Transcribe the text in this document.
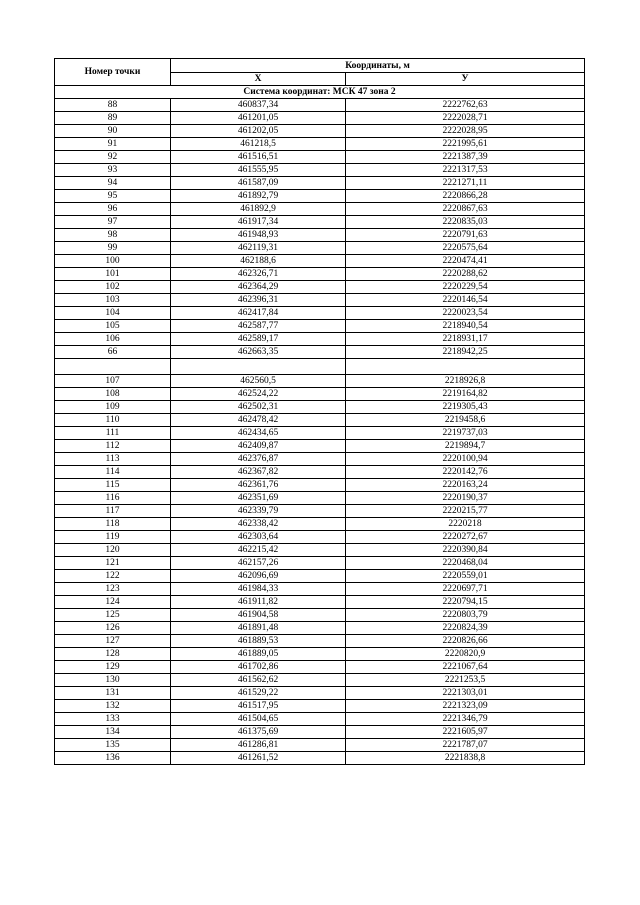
Номер точки	Координаты, м	
	Х	У
Система координат: МСК 47 зона 2		
88	460837,34	2222762,63
89	461201,05	2222028,71
90	461202,05	2222028,95
91	461218,5	2221995,61
92	461516,51	2221387,39
93	461555,95	2221317,53
94	461587,09	2221271,11
95	461892,79	2220866,28
96	461892,9	2220867,63
97	461917,34	2220835,03
98	461948,93	2220791,63
99	462119,31	2220575,64
100	462188,6	2220474,41
101	462326,71	2220288,62
102	462364,29	2220229,54
103	462396,31	2220146,54
104	462417,84	2220023,54
105	462587,77	2218940,54
106	462589,17	2218931,17
66	462663,35	2218942,25

107	462560,5	2218926,8
108	462524,22	2219164,82
109	462502,31	2219305,43
110	462478,42	2219458,6
111	462434,65	2219737,03
112	462409,87	2219894,7
113	462376,87	2220100,94
114	462367,82	2220142,76
115	462361,76	2220163,24
116	462351,69	2220190,37
117	462339,79	2220215,77
118	462338,42	2220218
119	462303,64	2220272,67
120	462215,42	2220390,84
121	462157,26	2220468,04
122	462096,69	2220559,01
123	461984,33	2220697,71
124	461911,82	2220794,15
125	461904,58	2220803,79
126	461891,48	2220824,39
127	461889,53	2220826,66
128	461889,05	2220820,9
129	461702,86	2221067,64
130	461562,62	2221253,5
131	461529,22	2221303,01
132	461517,95	2221323,09
133	461504,65	2221346,79
134	461375,69	2221605,97
135	461286,81	2221787,07
136	461261,52	2221838,8
